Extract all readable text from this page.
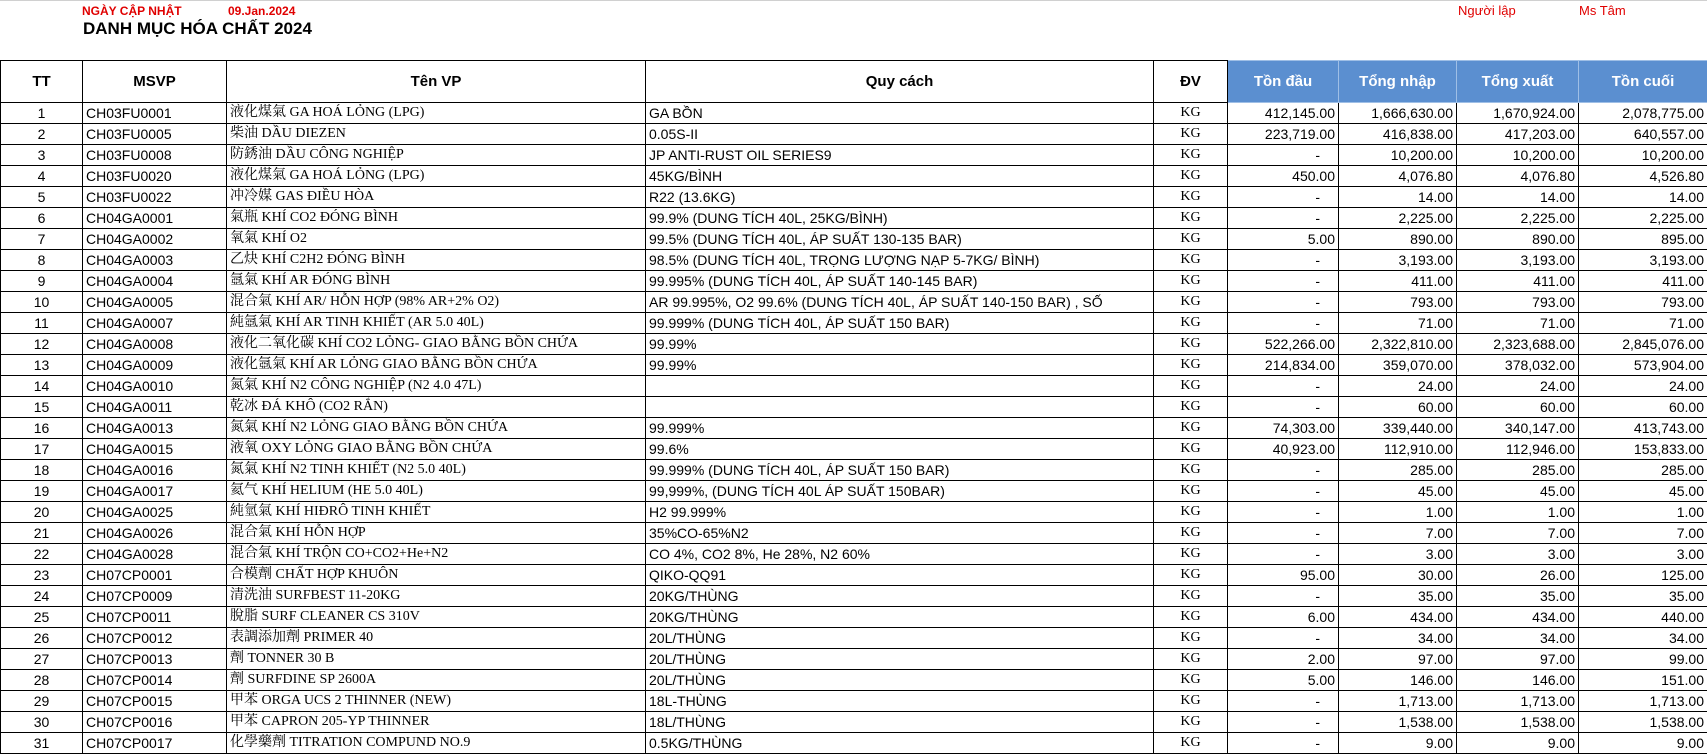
NGÀY CẬP NHẬT	09.Jan.2024
DANH MỤC HÓA CHẤT 2024
Người lập	Ms Tâm
TT	MSVP	Tên VP	Quy cách	ĐV	Tồn đầu	Tổng nhập	Tổng xuất	Tồn cuối
1	CH03FU0001	液化煤氣 GA HOÁ LỎNG (LPG)	GA BỒN	KG	412,145.00	1,666,630.00	1,670,924.00	2,078,775.00
2	CH03FU0005	柴油 DẦU DIEZEN	0.05S-II	KG	223,719.00	416,838.00	417,203.00	640,557.00
3	CH03FU0008	防銹油 DẦU CÔNG NGHIỆP	JP ANTI-RUST OIL SERIES9	KG	-	10,200.00	10,200.00	10,200.00
4	CH03FU0020	液化煤氣 GA HOÁ LỎNG (LPG)	45KG/BÌNH	KG	450.00	4,076.80	4,076.80	4,526.80
5	CH03FU0022	冲冷媒 GAS ĐIỀU HÒA	R22 (13.6KG)	KG	-	14.00	14.00	14.00
6	CH04GA0001	氣瓶 KHÍ CO2 ĐÓNG BÌNH	99.9% (DUNG TÍCH 40L, 25KG/BÌNH)	KG	-	2,225.00	2,225.00	2,225.00
7	CH04GA0002	氧氣 KHÍ O2	99.5% (DUNG TÍCH 40L, ÁP SUẤT 130-135 BAR)	KG	5.00	890.00	890.00	895.00
8	CH04GA0003	乙炔 KHÍ C2H2 ĐÓNG BÌNH	98.5% (DUNG TÍCH 40L, TRỌNG LƯỢNG NẠP 5-7KG/ BÌNH)	KG	-	3,193.00	3,193.00	3,193.00
9	CH04GA0004	氬氣 KHÍ AR ĐÓNG BÌNH	99.995% (DUNG TÍCH 40L, ÁP SUẤT 140-145 BAR)	KG	-	411.00	411.00	411.00
10	CH04GA0005	混合氣 KHÍ AR/ HỖN HỢP (98% AR+2% O2)	AR 99.995%, O2 99.6% (DUNG TÍCH 40L, ÁP SUẤT 140-150 BAR) , SỐ	KG	-	793.00	793.00	793.00
11	CH04GA0007	純氬氣 KHÍ AR TINH KHIẾT (AR 5.0 40L)	99.999% (DUNG TÍCH 40L, ÁP SUẤT 150 BAR)	KG	-	71.00	71.00	71.00
12	CH04GA0008	液化二氧化碳 KHÍ CO2 LỎNG- GIAO BẰNG BỒN CHỨA	99.99%	KG	522,266.00	2,322,810.00	2,323,688.00	2,845,076.00
13	CH04GA0009	液化氬氣 KHÍ AR LỎNG GIAO BẰNG BỒN CHỨA	99.99%	KG	214,834.00	359,070.00	378,032.00	573,904.00
14	CH04GA0010	氮氣 KHÍ N2 CÔNG NGHIỆP (N2 4.0 47L)		KG	-	24.00	24.00	24.00
15	CH04GA0011	乾冰 ĐÁ KHÔ (CO2 RẮN)		KG	-	60.00	60.00	60.00
16	CH04GA0013	氮氣 KHÍ N2 LỎNG GIAO BẰNG BỒN CHỨA	99.999%	KG	74,303.00	339,440.00	340,147.00	413,743.00
17	CH04GA0015	液氧 OXY LỎNG GIAO BẰNG BỒN CHỨA	99.6%	KG	40,923.00	112,910.00	112,946.00	153,833.00
18	CH04GA0016	氮氣 KHÍ N2 TINH KHIẾT (N2 5.0 40L)	99.999% (DUNG TÍCH 40L, ÁP SUẤT 150 BAR)	KG	-	285.00	285.00	285.00
19	CH04GA0017	氦气 KHÍ HELIUM (HE 5.0 40L)	99,999%, (DUNG TÍCH 40L ÁP SUẤT 150BAR)	KG	-	45.00	45.00	45.00
20	CH04GA0025	純氫氣 KHÍ HIĐRÔ TINH KHIẾT	H2 99.999%	KG	-	1.00	1.00	1.00
21	CH04GA0026	混合氣 KHÍ HỖN HỢP	35%CO-65%N2	KG	-	7.00	7.00	7.00
22	CH04GA0028	混合氣 KHÍ TRỘN CO+CO2+He+N2	CO 4%, CO2 8%, He 28%, N2 60%	KG	-	3.00	3.00	3.00
23	CH07CP0001	合模劑 CHẤT HỢP KHUÔN	QIKO-QQ91	KG	95.00	30.00	26.00	125.00
24	CH07CP0009	清洗油 SURFBEST 11-20KG	20KG/THÙNG	KG	-	35.00	35.00	35.00
25	CH07CP0011	脫脂 SURF CLEANER CS 310V	20KG/THÙNG	KG	6.00	434.00	434.00	440.00
26	CH07CP0012	表調添加劑 PRIMER 40	20L/THÙNG	KG	-	34.00	34.00	34.00
27	CH07CP0013	劑 TONNER 30 B	20L/THÙNG	KG	2.00	97.00	97.00	99.00
28	CH07CP0014	劑 SURFDINE SP 2600A	20L/THÙNG	KG	5.00	146.00	146.00	151.00
29	CH07CP0015	甲苯 ORGA UCS 2 THINNER (NEW)	18L-THÙNG	KG	-	1,713.00	1,713.00	1,713.00
30	CH07CP0016	甲苯 CAPRON 205-YP THINNER	18L/THÙNG	KG	-	1,538.00	1,538.00	1,538.00
31	CH07CP0017	化學藥劑 TITRATION COMPUND NO.9	0.5KG/THÙNG	KG	-	9.00	9.00	9.00
